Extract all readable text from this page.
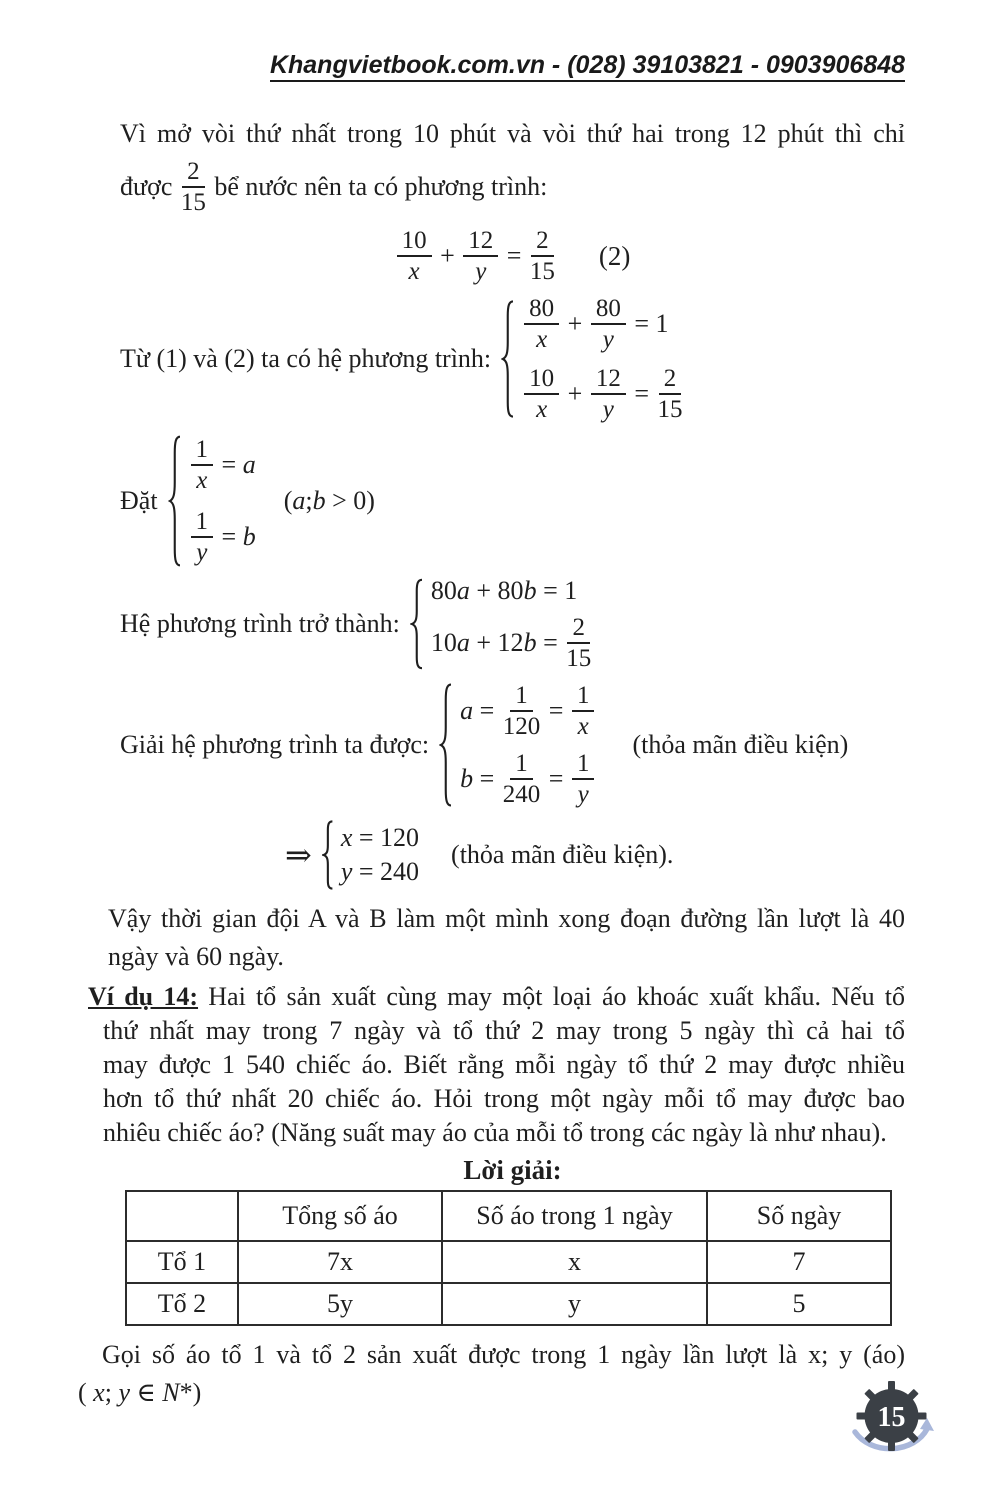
Khangvietbook.com.vn - (028) 39103821 - 0903906848
Vì mở vòi thứ nhất trong 10 phút và vòi thứ hai trong 12 phút thì chỉ
được $\frac{2}{15}$ bể nước nên ta có phương trình:
$\frac{10}{x} + \frac{12}{y} = \frac{2}{15} (2)$
Từ (1) và (2) ta có hệ phương trình:
$\frac{80}{x} + \frac{80}{y} = 1$
$\frac{10}{x} + \frac{12}{y} = \frac{2}{15}$
Đặt
$\frac{1}{x} = a$
$\frac{1}{y} = b$
( a ; b > 0)
Hệ phương trình trở thành:
80 a + 80 b = 1
10 a + 12 $b = \frac{2}{15}$
Giải hệ phương trình ta được:
$a = \frac{1}{120} = \frac{1}{x}$
$b = \frac{1}{240} = \frac{1}{y}$
(thỏa mãn điều kiện)
⇒ x = 120
y = 240
(thỏa mãn điều kiện).
Vậy thời gian đội A và B làm một mình xong đoạn đường lần lượt là 40
ngày và 60 ngày.
Ví dụ 14: Hai tổ sản xuất cùng may một loại áo khoác xuất khẩu. Nếu tổ
thứ nhất may trong 7 ngày và tổ thứ 2 may trong 5 ngày thì cả hai tổ
may được 1 540 chiếc áo. Biết rằng mỗi ngày tổ thứ 2 may được nhiều
hơn tổ thứ nhất 20 chiếc áo. Hỏi trong một ngày mỗi tổ may được bao
nhiêu chiếc áo? (Năng suất may áo của mỗi tổ trong các ngày là như nhau).
Lời giải:
	Tổng số áo	Số áo trong 1 ngày	Số ngày
Tổ 1	7x	x	7
Tổ 2	5y	y	5
Gọi số áo tổ 1 và tổ 2 sản xuất được trong 1 ngày lần lượt là x; y (áo)
( x ; y ∈ N *)
15
